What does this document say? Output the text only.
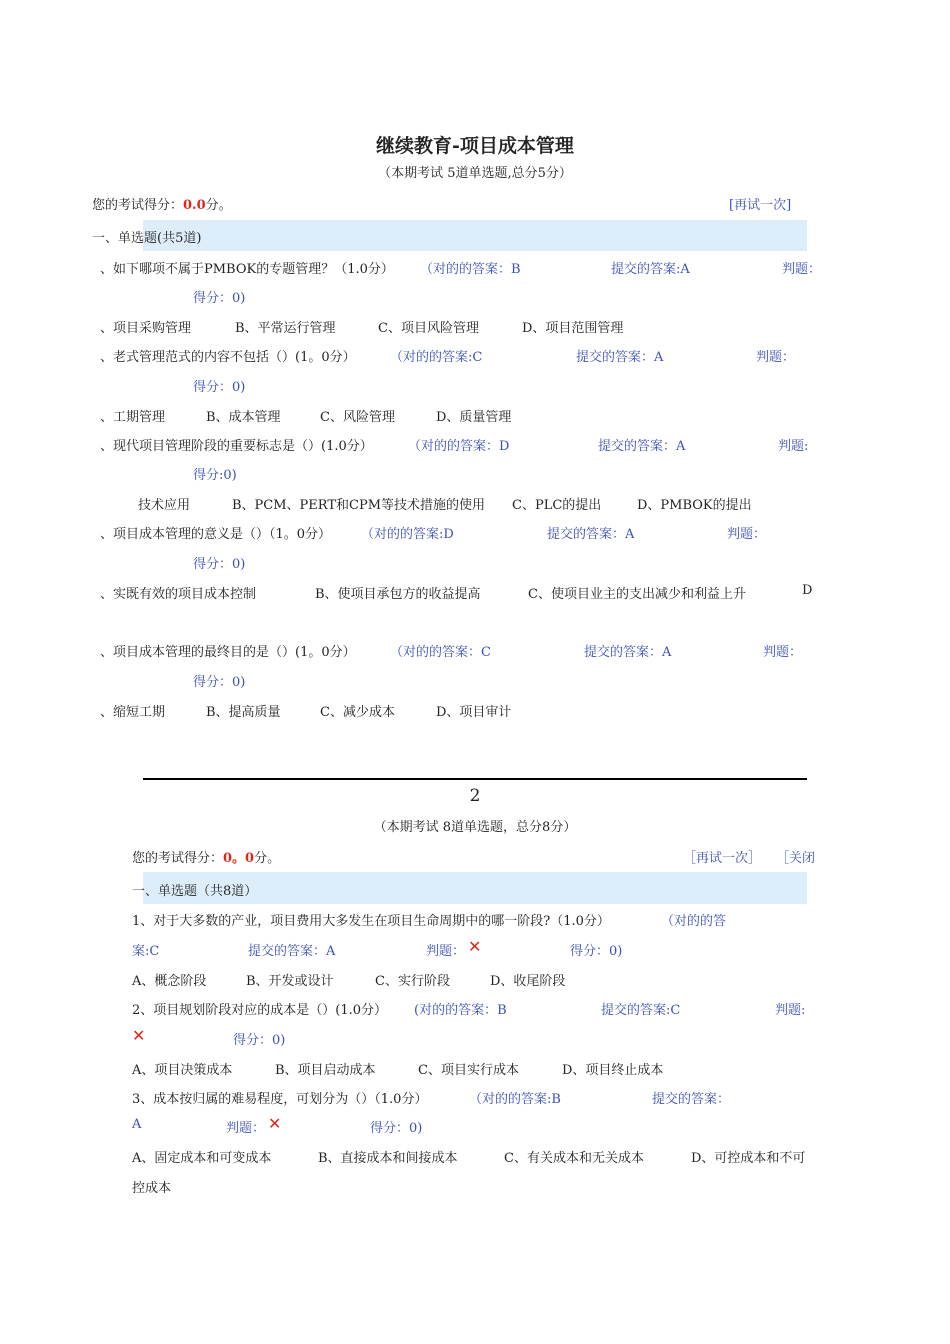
继续教育-项目成本管理
（本期考试 5道单选题,总分5分）
您的考试得分：0.0分。	[再试一次]
一、单选题(共5道)
、如下哪项不属于PMBOK的专题管理？（1.0分） （对的的答案：B	提交的答案:A	判题：
得分：0)
、项目采购管理	B、平常运行管理	C、项目风险管理	D、项目范围管理
、老式管理范式的内容不包括（）(1。0分）	（对的的答案:C	提交的答案：A	判题：
得分：0)
、工期管理	B、成本管理	C、风险管理	D、质量管理
、现代项目管理阶段的重要标志是（）(1.0分）	（对的的答案：D	提交的答案：A	判题:
得分:0)
技术应用	B、PCM、PERT和CPM等技术措施的使用 C、PLC的提出	D、PMBOK的提出
、项目成本管理的意义是（）（1。0分） （对的的答案:D	提交的答案：A	判题：
得分：0)
、实既有效的项目成本控制	B、使项目承包方的收益提高	C、使项目业主的支出减少和利益上升	D
、项目成本管理的最终目的是（）(1。0分）	（对的的答案：C	提交的答案：A	判题：
得分：0)
、缩短工期	B、提高质量	C、减少成本	D、项目审计
2
（本期考试 8道单选题，总分8分）
您的考试得分：0。0分。	［再试一次］ ［关闭
一、单选题（共8道）
1、对于大多数的产业，项目费用大多发生在项目生命周期中的哪一阶段?（1.0分）	（对的的答
案:C	提交的答案：A	判题： ✕	得分：0)
A、概念阶段	B、开发或设计	C、实行阶段	D、收尾阶段
2、项目规划阶段对应的成本是（）(1.0分） (对的的答案：B	提交的答案:C	判题:
✕	得分：0)
A、项目决策成本	B、项目启动成本	C、项目实行成本	D、项目终止成本
3、成本按归属的难易程度，可划分为（）（1.0分）	（对的的答案:B	提交的答案：
A	判题： ✕	得分：0)
A、固定成本和可变成本	B、直接成本和间接成本	C、有关成本和无关成本	D、可控成本和不可
控成本
